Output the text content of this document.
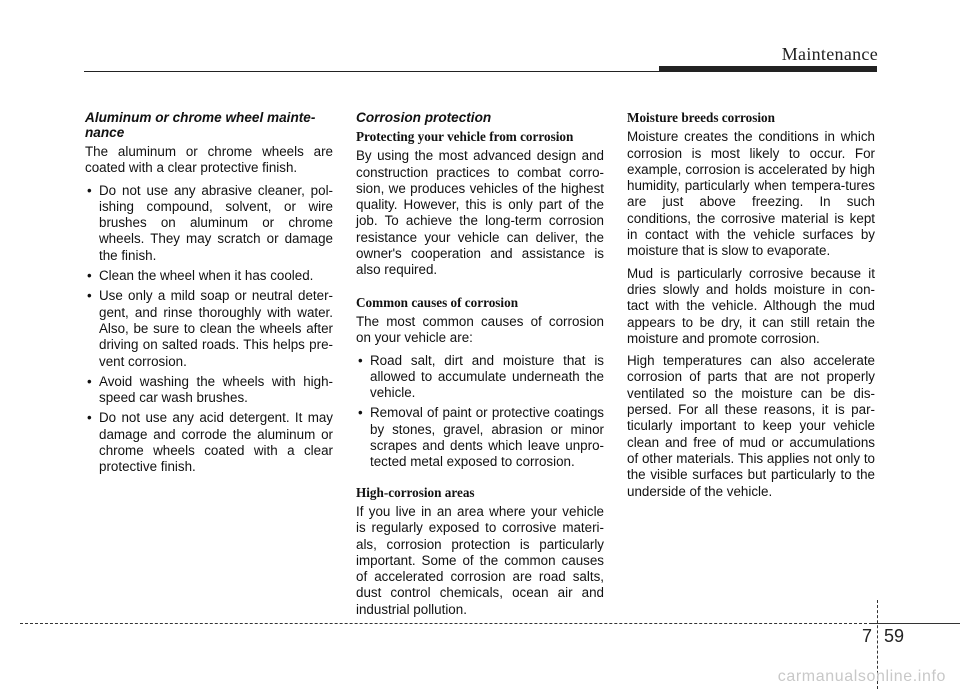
Maintenance
Aluminum or chrome wheel mainte-
nance

The aluminum or chrome wheels are coated with a clear protective finish.

• Do not use any abrasive cleaner, pol-ishing compound, solvent, or wire brushes on aluminum or chrome wheels. They may scratch or damage the finish.
• Clean the wheel when it has cooled.
• Use only a mild soap or neutral deter-gent, and rinse thoroughly with water. Also, be sure to clean the wheels after driving on salted roads. This helps pre-vent corrosion.
• Avoid washing the wheels with high-speed car wash brushes.
• Do not use any acid detergent. It may damage and corrode the aluminum or chrome wheels coated with a clear protective finish.
Corrosion protection
Protecting your vehicle from corrosion

By using the most advanced design and construction practices to combat corro-sion, we produces vehicles of the highest quality. However, this is only part of the job. To achieve the long-term corrosion resistance your vehicle can deliver, the owner's cooperation and assistance is also required.

Common causes of corrosion

The most common causes of corrosion on your vehicle are:

• Road salt, dirt and moisture that is allowed to accumulate underneath the vehicle.
• Removal of paint or protective coatings by stones, gravel, abrasion or minor scrapes and dents which leave unpro-tected metal exposed to corrosion.
High-corrosion areas

If you live in an area where your vehicle is regularly exposed to corrosive materi-als, corrosion protection is particularly important. Some of the common causes of accelerated corrosion are road salts, dust control chemicals, ocean air and industrial pollution.

Moisture breeds corrosion

Moisture creates the conditions in which corrosion is most likely to occur. For example, corrosion is accelerated by high humidity, particularly when tempera-tures are just above freezing. In such conditions, the corrosive material is kept in contact with the vehicle surfaces by moisture that is slow to evaporate.

Mud is particularly corrosive because it dries slowly and holds moisture in con-tact with the vehicle. Although the mud appears to be dry, it can still retain the moisture and promote corrosion.

High temperatures can also accelerate corrosion of parts that are not properly ventilated so the moisture can be dis-persed. For all these reasons, it is par-ticularly important to keep your vehicle clean and free of mud or accumulations of other materials. This applies not only to the visible surfaces but particularly to the underside of the vehicle.

7 59
carmanualsonline.info
